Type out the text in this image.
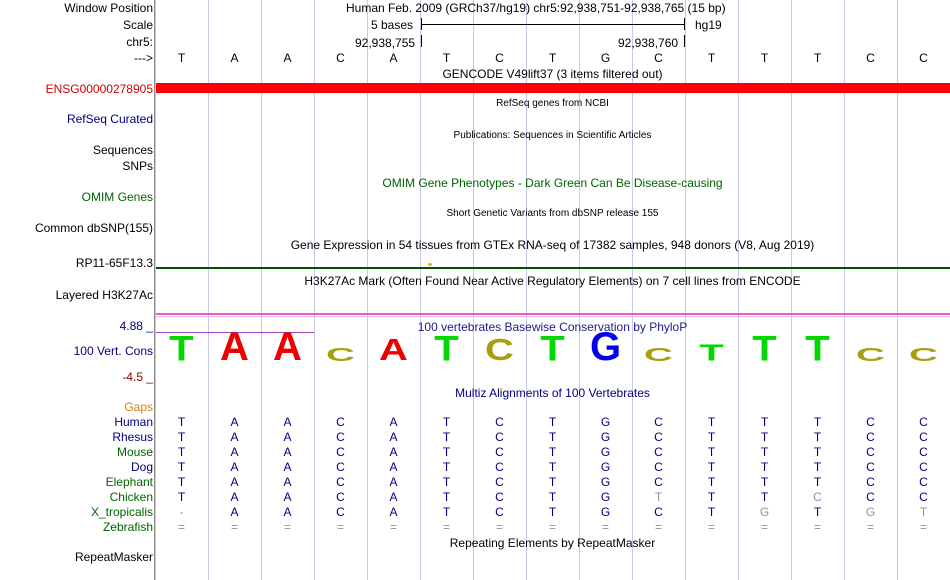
Window Position
Scale
chr5:
--->
Human Feb. 2009 (GRCh37/hg19) chr5:92,938,751-92,938,765 (15 bp)
5 bases	hg19
92,938,755	92,938,760
T	A	A	C	A	T	C	T	G	C	T	T	T	C	C
GENCODE V49lift37 (3 items filtered out)
ENSG00000278905
RefSeq genes from NCBI
RefSeq Curated
Publications: Sequences in Scientific Articles
Sequences
SNPs
OMIM Gene Phenotypes - Dark Green Can Be Disease-causing
OMIM Genes
Short Genetic Variants from dbSNP release 155
Common dbSNP(155)
Gene Expression in 54 tissues from GTEx RNA-seq of 17382 samples, 948 donors (V8, Aug 2019)
RP11-65F13.3
H3K27Ac Mark (Often Found Near Active Regulatory Elements) on 7 cell lines from ENCODE
Layered H3K27Ac
100 vertebrates Basewise Conservation by PhyloP
4.88 _
100 Vert. Cons
-4.5 _
T A A C A T C T G C T T T C C
Multiz Alignments of 100 Vertebrates
Gaps
Human	T	A	A	C	A	T	C	T	G	C	T	T	T	C	C
Rhesus	T	A	A	C	A	T	C	T	G	C	T	T	T	C	C
Mouse	T	A	A	C	A	T	C	T	G	C	T	T	T	C	C
Dog	T	A	A	C	A	T	C	T	G	C	T	T	T	C	C
Elephant	T	A	A	C	A	T	C	T	G	C	T	T	T	C	C
Chicken	T	A	A	C	A	T	C	T	G	T	T	T	C	C	C
X_tropicalis	-	A	A	C	A	T	C	T	G	C	T	G	T	G	T
Zebrafish	=	=	=	=	=	=	=	=	=	=	=	=	=	=	=
Repeating Elements by RepeatMasker
RepeatMasker
